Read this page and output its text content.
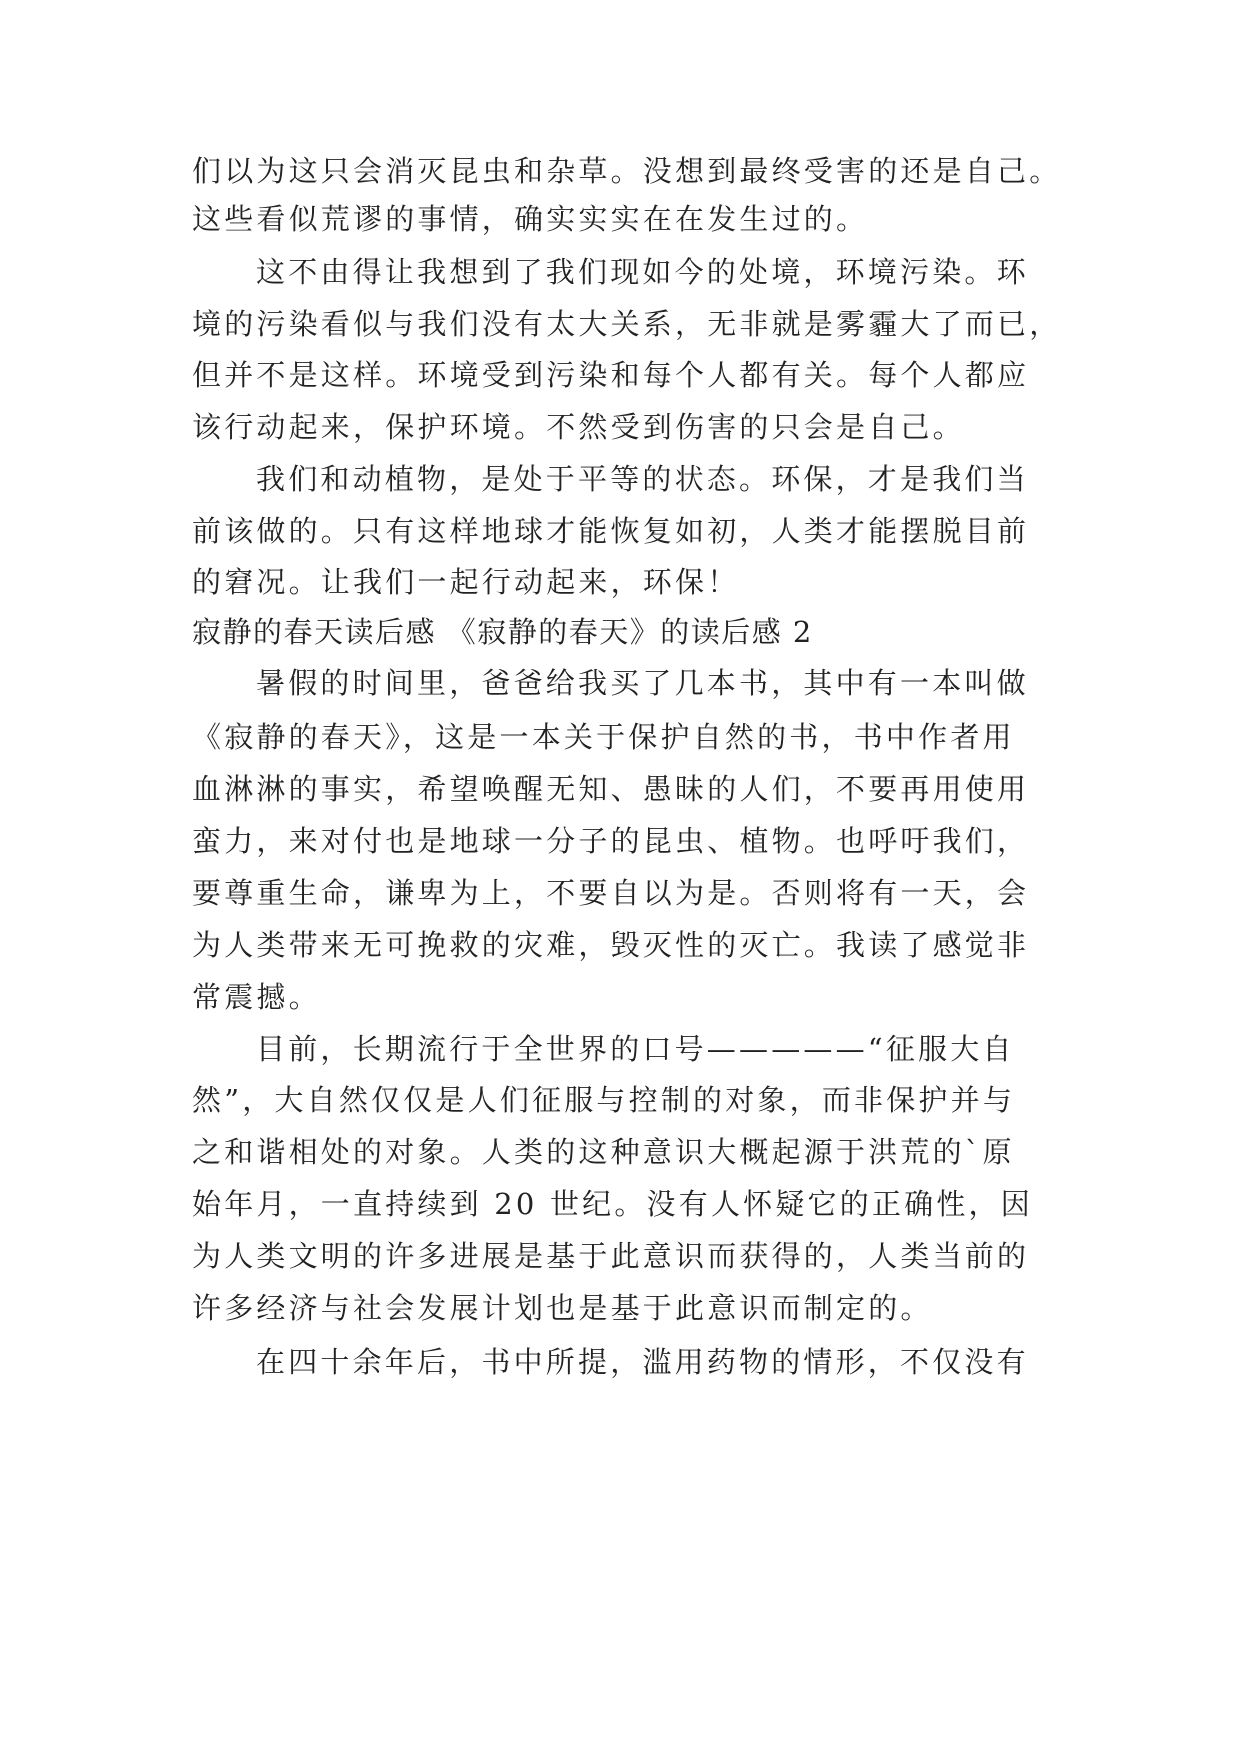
们以为这只会消灭昆虫和杂草。没想到最终受害的还是自己。
这些看似荒谬的事情，确实实实在在发生过的。
这不由得让我想到了我们现如今的处境，环境污染。环
境的污染看似与我们没有太大关系，无非就是雾霾大了而已，
但并不是这样。环境受到污染和每个人都有关。每个人都应
该行动起来，保护环境。不然受到伤害的只会是自己。
我们和动植物，是处于平等的状态。环保，才是我们当
前该做的。只有这样地球才能恢复如初，人类才能摆脱目前
的窘况。让我们一起行动起来，环保！
寂静的春天读后感 《寂静的春天》的读后感 2
暑假的时间里，爸爸给我买了几本书，其中有一本叫做
《寂静的春天》，这是一本关于保护自然的书，书中作者用
血淋淋的事实，希望唤醒无知、愚昧的人们，不要再用使用
蛮力，来对付也是地球一分子的昆虫、植物。也呼吁我们，
要尊重生命，谦卑为上，不要自以为是。否则将有一天，会
为人类带来无可挽救的灾难，毁灭性的灭亡。我读了感觉非
常震撼。
目前，长期流行于全世界的口号—————“征服大自
然”，大自然仅仅是人们征服与控制的对象，而非保护并与
之和谐相处的对象。人类的这种意识大概起源于洪荒的`原
始年月，一直持续到 20 世纪。没有人怀疑它的正确性，因
为人类文明的许多进展是基于此意识而获得的，人类当前的
许多经济与社会发展计划也是基于此意识而制定的。
在四十余年后，书中所提，滥用药物的情形，不仅没有
